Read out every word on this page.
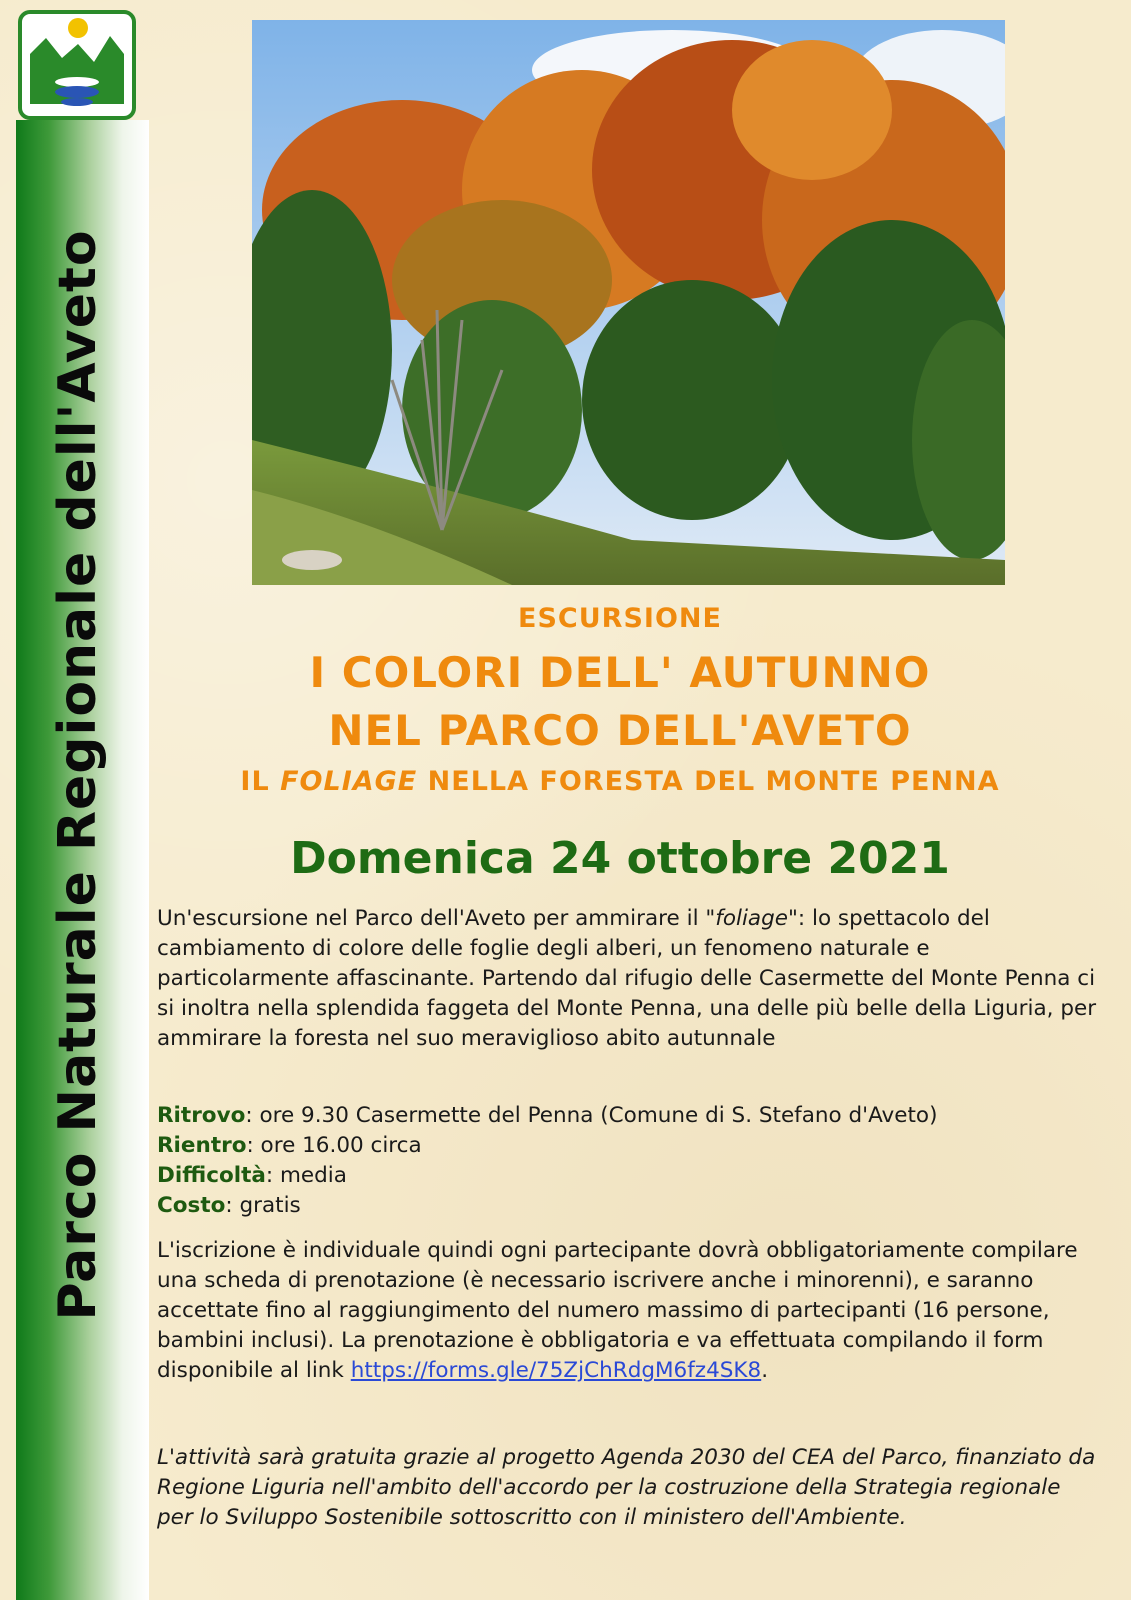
Parco Naturale Regionale dell'Aveto	ESCURSIONE
I COLORI DELL' AUTUNNO
NEL PARCO DELL'AVETO
IL FOLIAGE NELLA FORESTA DEL MONTE PENNA
Domenica 24 ottobre 2021
Un'escursione nel Parco dell'Aveto per ammirare il "foliage": lo spettacolo del cambiamento di colore delle foglie degli alberi, un fenomeno naturale e particolarmente affascinante. Partendo dal rifugio delle Casermette del Monte Penna ci si inoltra nella splendida faggeta del Monte Penna, una delle più belle della Liguria, per ammirare la foresta nel suo meraviglioso abito autunnale
Ritrovo: ore 9.30 Casermette del Penna (Comune di S. Stefano d'Aveto)
Rientro: ore 16.00 circa
Difficoltà: media
Costo: gratis
L'iscrizione è individuale quindi ogni partecipante dovrà obbligatoriamente compilare una scheda di prenotazione (è necessario iscrivere anche i minorenni), e saranno accettate fino al raggiungimento del numero massimo di partecipanti (16 persone, bambini inclusi). La prenotazione è obbligatoria e va effettuata compilando il form disponibile al link https://forms.gle/75ZjChRdgM6fz4SK8.
L'attività sarà gratuita grazie al progetto Agenda 2030 del CEA del Parco, finanziato da Regione Liguria nell'ambito dell'accordo per la costruzione della Strategia regionale per lo Sviluppo Sostenibile sottoscritto con il ministero dell'Ambiente.
